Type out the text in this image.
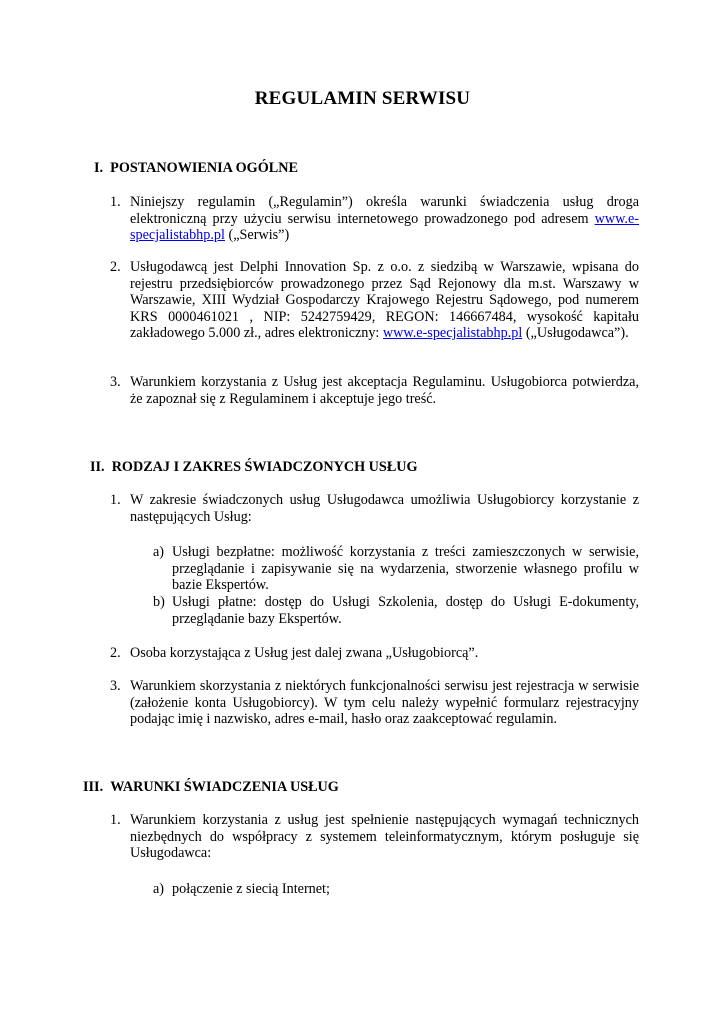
REGULAMIN SERWISU
I. POSTANOWIENIA OGÓLNE
1. Niniejszy regulamin („Regulamin”) określa warunki świadczenia usług droga elektroniczną przy użyciu serwisu internetowego prowadzonego pod adresem www.e-specjalistabhp.pl („Serwis”)

2. Usługodawcą jest Delphi Innovation Sp. z o.o. z siedzibą w Warszawie, wpisana do rejestru przedsiębiorców prowadzonego przez Sąd Rejonowy dla m.st. Warszawy w Warszawie, XIII Wydział Gospodarczy Krajowego Rejestru Sądowego, pod numerem KRS 0000461021 , NIP: 5242759429, REGON: 146667484, wysokość kapitału zakładowego 5.000 zł., adres elektroniczny: www.e-specjalistabhp.pl („Usługodawca”).

3. Warunkiem korzystania z Usług jest akceptacja Regulaminu. Usługobiorca potwierdza, że zapoznał się z Regulaminem i akceptuje jego treść.

II. RODZAJ I ZAKRES ŚWIADCZONYCH USŁUG
1. W zakresie świadczonych usług Usługodawca umożliwia Usługobiorcy korzystanie z następujących Usług:

a) Usługi bezpłatne: możliwość korzystania z treści zamieszczonych w serwisie, przeglądanie i zapisywanie się na wydarzenia, stworzenie własnego profilu w bazie Ekspertów.

b) Usługi płatne: dostęp do Usługi Szkolenia, dostęp do Usługi E-dokumenty, przeglądanie bazy Ekspertów.

2. Osoba korzystająca z Usług jest dalej zwana „Usługobiorcą”.

3. Warunkiem skorzystania z niektórych funkcjonalności serwisu jest rejestracja w serwisie (założenie konta Usługobiorcy). W tym celu należy wypełnić formularz rejestracyjny podając imię i nazwisko, adres e-mail, hasło oraz zaakceptować regulamin.

III. WARUNKI ŚWIADCZENIA USŁUG
1. Warunkiem korzystania z usług jest spełnienie następujących wymagań technicznych niezbędnych do współpracy z systemem teleinformatycznym, którym posługuje się Usługodawca:

a) połączenie z siecią Internet;
